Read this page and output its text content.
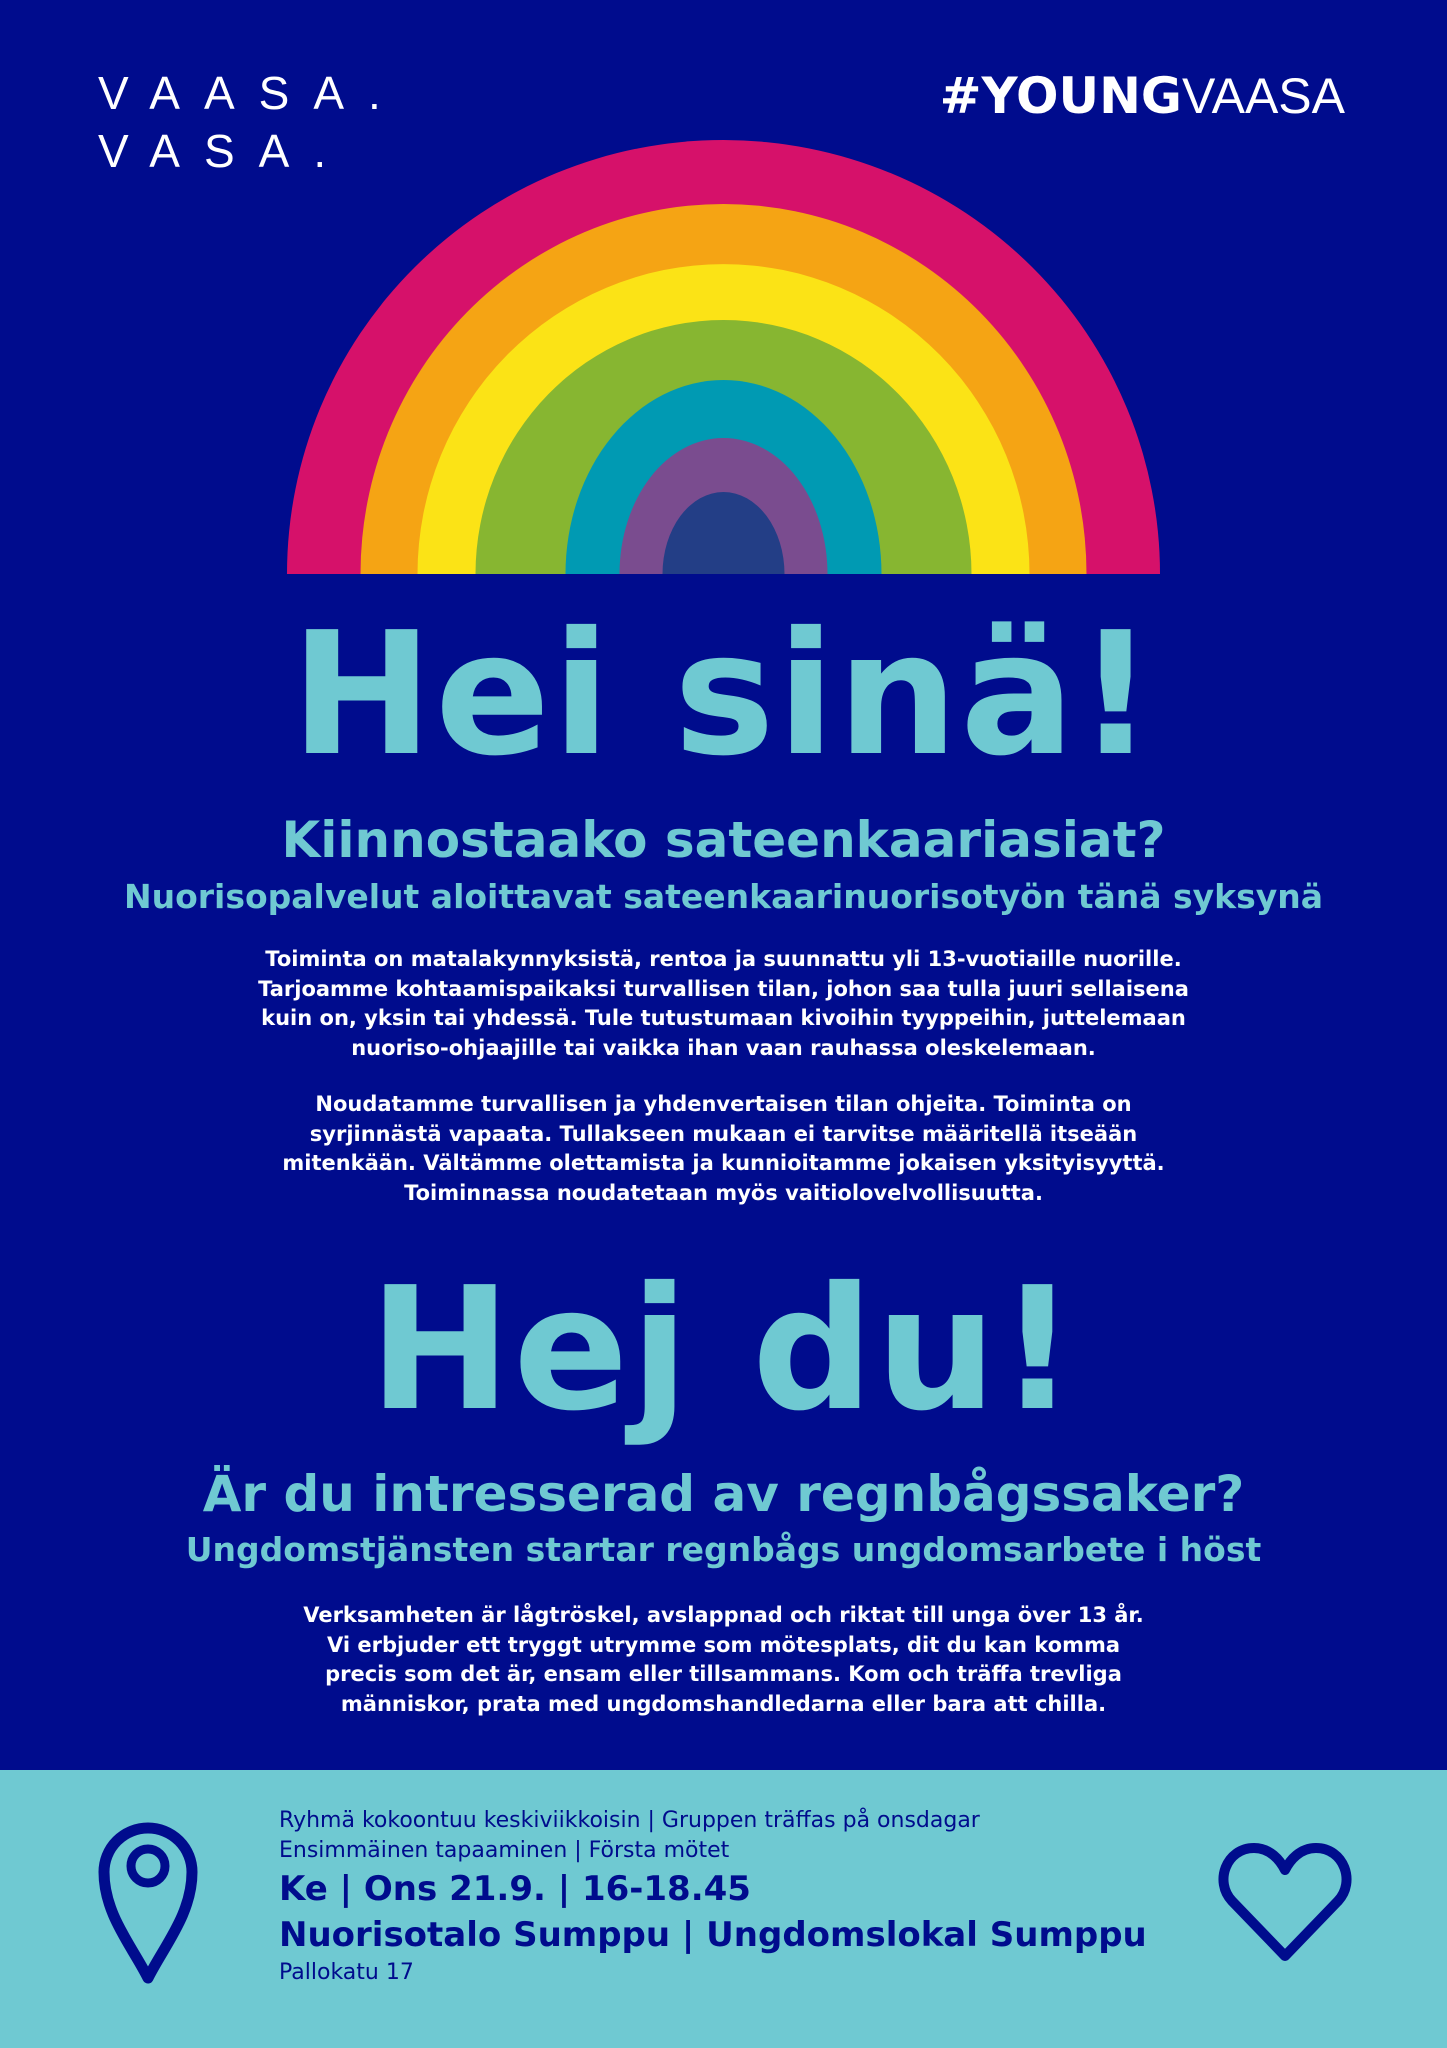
VAASA.
VASA.
#YOUNGVAASA
Hei sinä!
Kiinnostaako sateenkaariasiat?
Nuorisopalvelut aloittavat sateenkaarinuorisotyön tänä syksynä
Toiminta on matalakynnyksistä, rentoa ja suunnattu yli 13-vuotiaille nuorille.
Tarjoamme kohtaamispaikaksi turvallisen tilan, johon saa tulla juuri sellaisena
kuin on, yksin tai yhdessä. Tule tutustumaan kivoihin tyyppeihin, juttelemaan
nuoriso-ohjaajille tai vaikka ihan vaan rauhassa oleskelemaan.
Noudatamme turvallisen ja yhdenvertaisen tilan ohjeita. Toiminta on
syrjinnästä vapaata. Tullakseen mukaan ei tarvitse määritellä itseään
mitenkään. Vältämme olettamista ja kunnioitamme jokaisen yksityisyyttä.
Toiminnassa noudatetaan myös vaitiolovelvollisuutta.
Hej du!
Är du intresserad av regnbågssaker?
Ungdomstjänsten startar regnbågs ungdomsarbete i höst
Verksamheten är lågtröskel, avslappnad och riktat till unga över 13 år.
Vi erbjuder ett tryggt utrymme som mötesplats, dit du kan komma
precis som det är, ensam eller tillsammans. Kom och träffa trevliga
människor, prata med ungdomshandledarna eller bara att chilla.
Ryhmä kokoontuu keskiviikkoisin | Gruppen träffas på onsdagar
Ensimmäinen tapaaminen | Första mötet
Ke | Ons 21.9. | 16-18.45
Nuorisotalo Sumppu | Ungdomslokal Sumppu
Pallokatu 17
